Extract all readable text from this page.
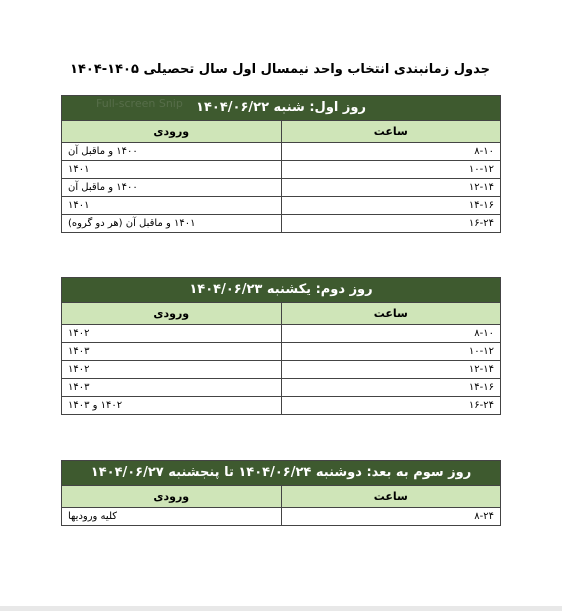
جدول زمانبندی انتخاب واحد نیمسال اول سال تحصیلی ۱۴۰۵-۱۴۰۴
روز اول: شنبه ۱۴۰۴/۰۶/۲۲	
ساعت	ورودی
۸-۱۰	۱۴۰۰ و ماقبل آن
۱۰-۱۲	۱۴۰۱
۱۲-۱۴	۱۴۰۰ و ماقبل آن
۱۴-۱۶	۱۴۰۱
۱۶-۲۴	۱۴۰۱ و ماقبل آن (هر دو گروه)
Full-screen Snip
روز دوم: یکشنبه ۱۴۰۴/۰۶/۲۳	
ساعت	ورودی
۸-۱۰	۱۴۰۲
۱۰-۱۲	۱۴۰۳
۱۲-۱۴	۱۴۰۲
۱۴-۱۶	۱۴۰۳
۱۶-۲۴	۱۴۰۲ و ۱۴۰۳
روز سوم به بعد: دوشنبه ۱۴۰۴/۰۶/۲۴ تا پنجشنبه ۱۴۰۴/۰۶/۲۷	
ساعت	ورودی
۸-۲۴	کلیه ورودیها
